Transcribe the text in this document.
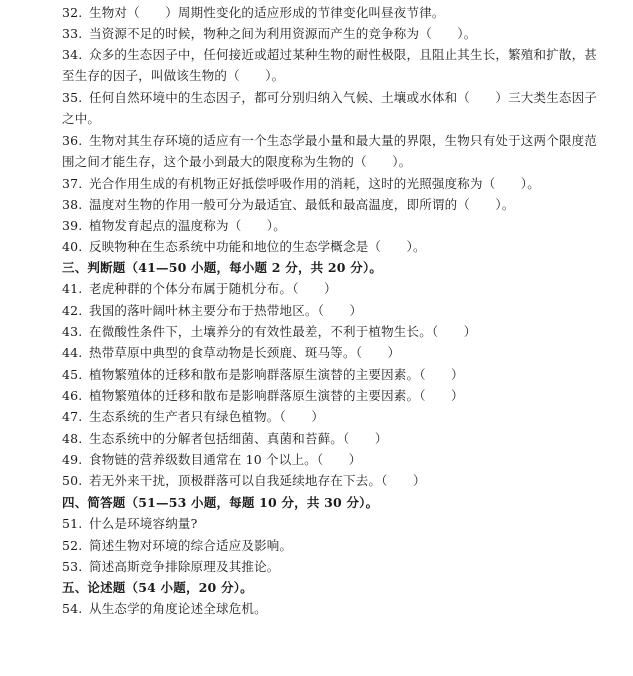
32. 生物对（　　）周期性变化的适应形成的节律变化叫昼夜节律。
33. 当资源不足的时候，物种之间为利用资源而产生的竞争称为（　　）。
34. 众多的生态因子中，任何接近或超过某种生物的耐性极限，且阻止其生长，繁殖和扩散，甚至生存的因子，叫做该生物的（　　）。
35. 任何自然环境中的生态因子，都可分别归纳入气候、土壤或水体和（　　）三大类生态因子之中。
36. 生物对其生存环境的适应有一个生态学最小量和最大量的界限，生物只有处于这两个限度范围之间才能生存，这个最小到最大的限度称为生物的（　　）。
37. 光合作用生成的有机物正好抵偿呼吸作用的消耗，这时的光照强度称为（　　）。
38. 温度对生物的作用一般可分为最适宜、最低和最高温度，即所谓的（　　）。
39. 植物发育起点的温度称为（　　）。
40. 反映物种在生态系统中功能和地位的生态学概念是（　　）。
三、判断题（41—50 小题，每小题 2 分，共 20 分）。
41. 老虎种群的个体分布属于随机分布。（　　）
42. 我国的落叶阔叶林主要分布于热带地区。（　　）
43. 在微酸性条件下，土壤养分的有效性最差，不利于植物生长。（　　）
44. 热带草原中典型的食草动物是长颈鹿、斑马等。（　　）
45. 植物繁殖体的迁移和散布是影响群落原生演替的主要因素。（　　）
46. 植物繁殖体的迁移和散布是影响群落原生演替的主要因素。（　　）
47. 生态系统的生产者只有绿色植物。（　　）
48. 生态系统中的分解者包括细菌、真菌和苔藓。（　　）
49. 食物链的营养级数目通常在 10 个以上。（　　）
50. 若无外来干扰，顶极群落可以自我延续地存在下去。（　　）
四、简答题（51—53 小题，每题 10 分，共 30 分）。
51. 什么是环境容纳量?
52. 简述生物对环境的综合适应及影响。
53. 简述高斯竞争排除原理及其推论。
五、论述题（54 小题，20 分）。
54. 从生态学的角度论述全球危机。
